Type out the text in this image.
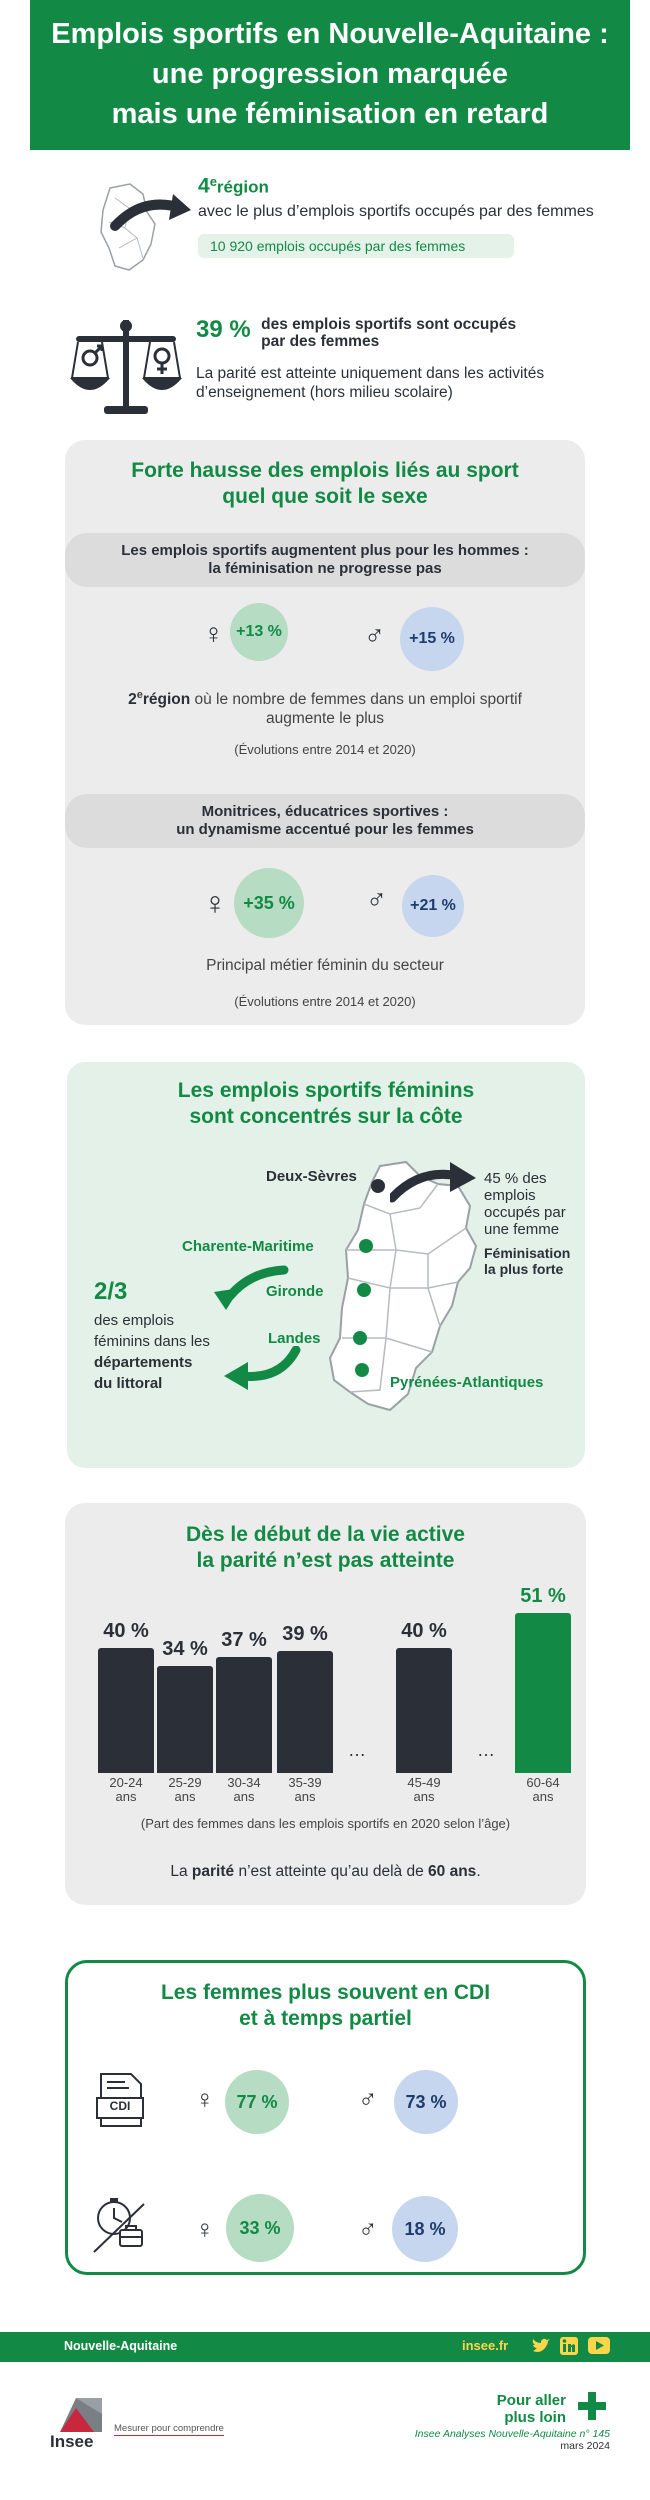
Emplois sportifs en Nouvelle-Aquitaine :
une progression marquée
mais une féminisation en retard
4erégion
avec le plus d’emplois sportifs occupés par des femmes
10 920 emplois occupés par des femmes
39 % des emplois sportifs sont occupés
par des femmes
La parité est atteinte uniquement dans les activités
d’enseignement (hors milieu scolaire)
Forte hausse des emplois liés au sport
quel que soit le sexe
Les emplois sportifs augmentent plus pour les hommes :
la féminisation ne progresse pas
♀ +13 %	♂	+15 %
2erégion où le nombre de femmes dans un emploi sportif
augmente le plus
(Évolutions entre 2014 et 2020)
Monitrices, éducatrices sportives :
un dynamisme accentué pour les femmes
♀ +35 %	♂	+21 %
Principal métier féminin du secteur
(Évolutions entre 2014 et 2020)
Les emplois sportifs féminins
sont concentrés sur la côte
Deux-Sèvres	45 % des
emplois
occupés par
une femme
Féminisation
la plus forte
Charente-Maritime
Gironde
Landes
Pyrénées-Atlantiques
2/3
des emplois
féminins dans les
départements
du littoral
Dès le début de la vie active
la parité n’est pas atteinte
40 %
20-24
ans
34 %
25-29
ans
37 %
30-34
ans
39 %
35-39
ans
40 %
45-49
ans
51 %
60-64
ans
…	…
(Part des femmes dans les emplois sportifs en 2020 selon l’âge)
La parité n’est atteinte qu’au delà de 60 ans.
Les femmes plus souvent en CDI
et à temps partiel
CDI	♀	77 %	♂	73 %
♀	33 %	♂	18 %
Nouvelle-Aquitaine	insee.fr
Insee
Mesurer pour comprendre
Pour aller
plus loin
Insee Analyses Nouvelle-Aquitaine n° 145
mars 2024
